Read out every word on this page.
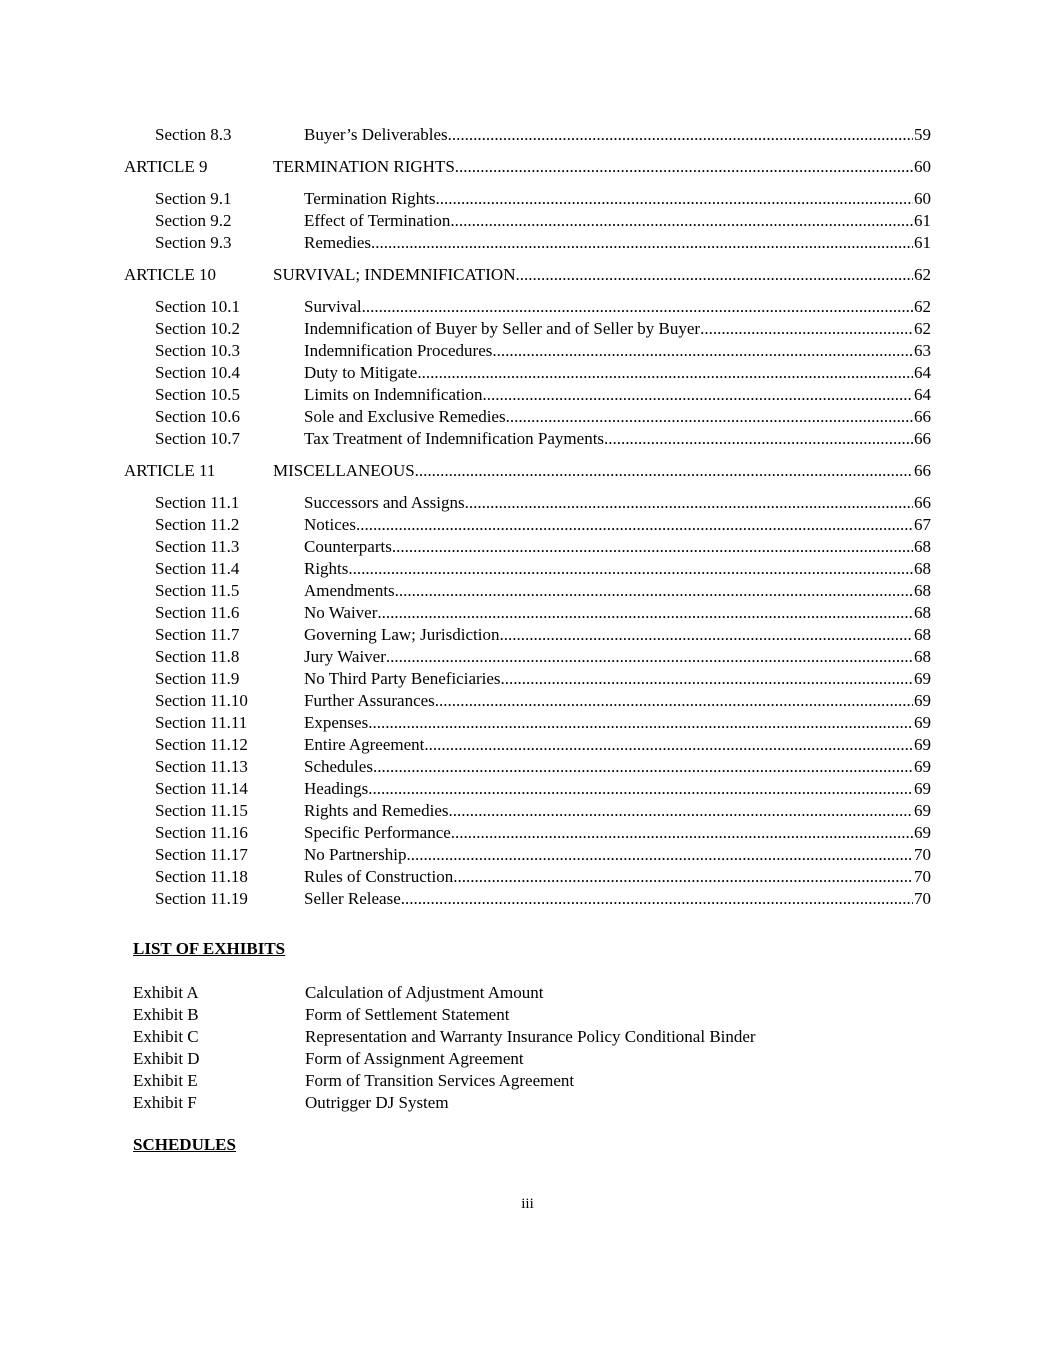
Section 8.3	Buyer’s Deliverables .....	59
ARTICLE 9	TERMINATION RIGHTS .....	60
Section 9.1	Termination Rights .....	60
Section 9.2	Effect of Termination .....	61
Section 9.3	Remedies .....	61
ARTICLE 10	SURVIVAL; INDEMNIFICATION .....	62
Section 10.1	Survival .....	62
Section 10.2	Indemnification of Buyer by Seller and of Seller by Buyer .....	62
Section 10.3	Indemnification Procedures .....	63
Section 10.4	Duty to Mitigate .....	64
Section 10.5	Limits on Indemnification .....	64
Section 10.6	Sole and Exclusive Remedies .....	66
Section 10.7	Tax Treatment of Indemnification Payments .....	66
ARTICLE 11	MISCELLANEOUS .....	66
Section 11.1	Successors and Assigns .....	66
Section 11.2	Notices .....	67
Section 11.3	Counterparts .....	68
Section 11.4	Rights .....	68
Section 11.5	Amendments .....	68
Section 11.6	No Waiver .....	68
Section 11.7	Governing Law; Jurisdiction .....	68
Section 11.8	Jury Waiver .....	68
Section 11.9	No Third Party Beneficiaries .....	69
Section 11.10	Further Assurances .....	69
Section 11.11	Expenses .....	69
Section 11.12	Entire Agreement .....	69
Section 11.13	Schedules .....	69
Section 11.14	Headings .....	69
Section 11.15	Rights and Remedies .....	69
Section 11.16	Specific Performance .....	69
Section 11.17	No Partnership .....	70
Section 11.18	Rules of Construction .....	70
Section 11.19	Seller Release .....	70
LIST OF EXHIBITS
Exhibit A	Calculation of Adjustment Amount
Exhibit B	Form of Settlement Statement
Exhibit C	Representation and Warranty Insurance Policy Conditional Binder
Exhibit D	Form of Assignment Agreement
Exhibit E	Form of Transition Services Agreement
Exhibit F	Outrigger DJ System
SCHEDULES
iii
